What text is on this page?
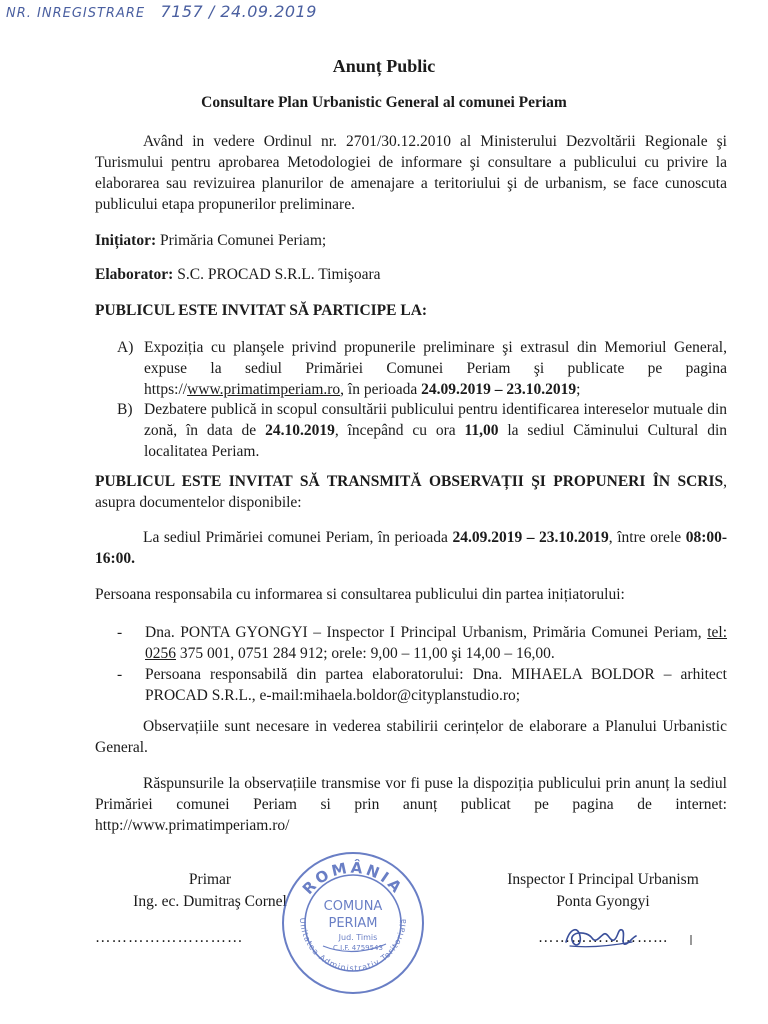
NR. INREGISTRARE 7157 / 24.09.2019
Anunț Public
Consultare Plan Urbanistic General al comunei Periam
Având in vedere Ordinul nr. 2701/30.12.2010 al Ministerului Dezvoltării Regionale şi Turismului pentru aprobarea Metodologiei de informare şi consultare a publicului cu privire la elaborarea sau revizuirea planurilor de amenajare a teritoriului şi de urbanism, se face cunoscuta publicului etapa propunerilor preliminare.
Inițiator: Primăria Comunei Periam;
Elaborator: S.C. PROCAD S.R.L. Timişoara
PUBLICUL ESTE INVITAT SĂ PARTICIPE LA:
A) Expoziția cu planşele privind propunerile preliminare şi extrasul din Memoriul General, expuse la sediul Primăriei Comunei Periam şi publicate pe pagina https://www.primatimperiam.ro, în perioada 24.09.2019 – 23.10.2019;
B) Dezbatere publică in scopul consultării publicului pentru identificarea intereselor mutuale din zonă, în data de 24.10.2019, începând cu ora 11,00 la sediul Căminului Cultural din localitatea Periam.
PUBLICUL ESTE INVITAT SĂ TRANSMITĂ OBSERVAȚII ŞI PROPUNERI ÎN SCRIS, asupra documentelor disponibile:
La sediul Primăriei comunei Periam, în perioada 24.09.2019 – 23.10.2019, între orele 08:00- 16:00.
Persoana responsabila cu informarea si consultarea publicului din partea inițiatorului:
- Dna. PONTA GYONGYI – Inspector I Principal Urbanism, Primăria Comunei Periam, tel: 0256 375 001, 0751 284 912; orele: 9,00 – 11,00 şi 14,00 – 16,00.
- Persoana responsabilă din partea elaboratorului: Dna. MIHAELA BOLDOR – arhitect PROCAD S.R.L., e-mail:mihaela.boldor@cityplanstudio.ro;
Observațiile sunt necesare in vederea stabilirii cerințelor de elaborare a Planului Urbanistic General.
Răspunsurile la observațiile transmise vor fi puse la dispoziția publicului prin anunț la sediul Primăriei comunei Periam si prin anunț publicat pe pagina de internet: http://www.primatimperiam.ro/
Primar
Ing. ec. Dumitraş Cornel
………………………
Inspector I Principal Urbanism
Ponta Gyongyi
…………………...
ROMÂNIA
Unitatea Administrativ Teritorială
COMUNA
PERIAM
Jud. Timis
C.I.F. 4759543
